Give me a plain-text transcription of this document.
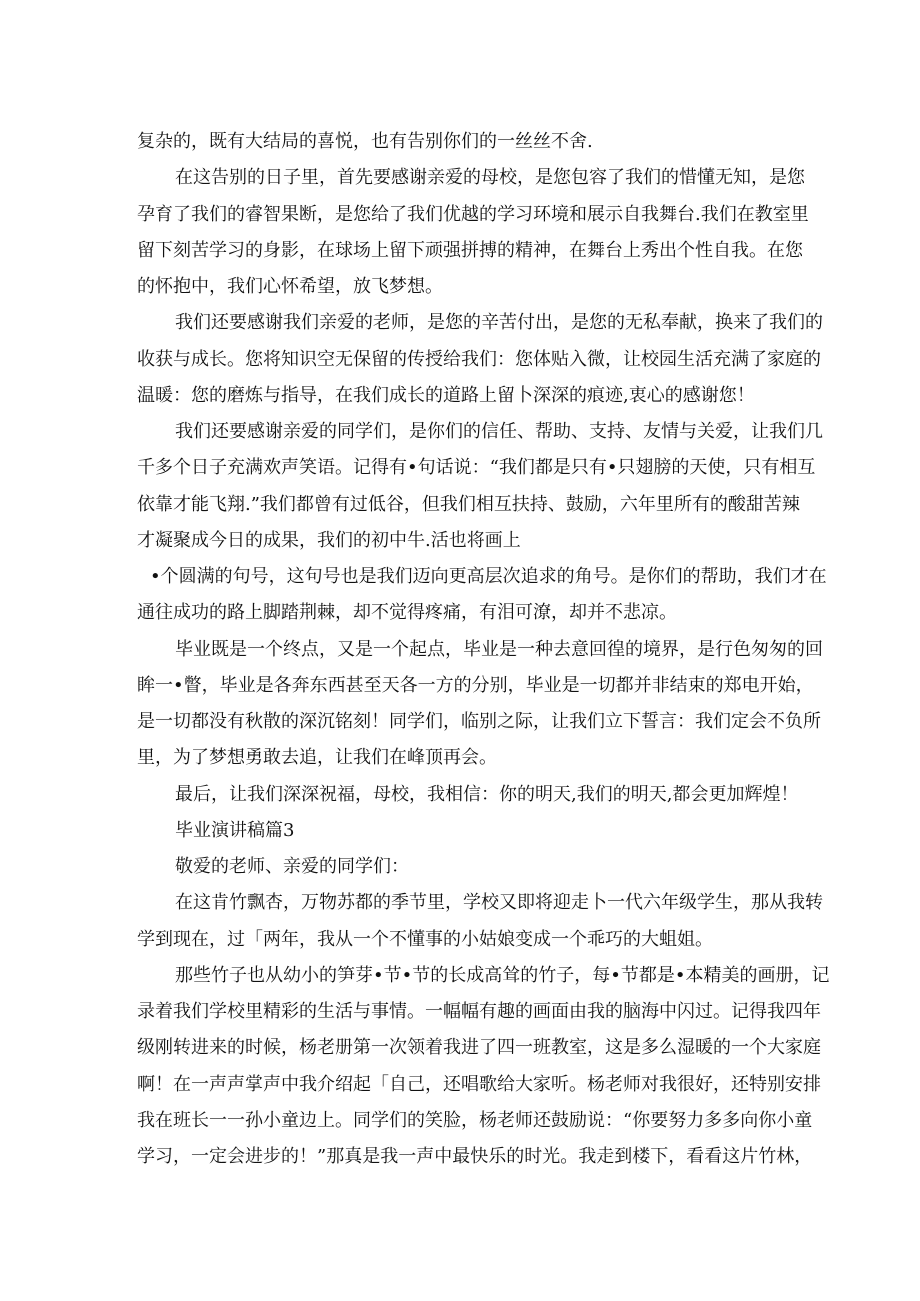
复杂的，既有大结局的喜悦，也有告别你们的一丝丝不舍.
在这告别的日子里，首先要感谢亲爱的母校，是您包容了我们的惜懂无知，是您
孕育了我们的睿智果断，是您给了我们优越的学习环境和展示自我舞台.我们在教室里
留下刻苦学习的身影，在球场上留下顽强拼搏的精神，在舞台上秀出个性自我。在您
的怀抱中，我们心怀希望，放飞梦想。
我们还要感谢我们亲爱的老师，是您的辛苦付出，是您的无私奉献，换来了我们的
收获与成长。您将知识空无保留的传授给我们：您体贴入微，让校园生活充满了家庭的
温暖：您的磨炼与指导，在我们成长的道路上留卜深深的痕迹,衷心的感谢您！
我们还要感谢亲爱的同学们，是你们的信任、帮助、支持、友情与关爱，让我们几
千多个日子充满欢声笑语。记得有•句话说：“我们都是只有•只翅膀的天使，只有相互
依靠才能飞翔.”我们都曾有过低谷，但我们相互扶持、鼓励，六年里所有的酸甜苦辣
才凝聚成今日的成果，我们的初中牛.活也将画上
•个圆满的句号，这句号也是我们迈向更高层次追求的角号。是你们的帮助，我们才在
通往成功的路上脚踏荆棘，却不觉得疼痛，有泪可潦，却并不悲凉。
毕业既是一个终点，又是一个起点，毕业是一种去意回徨的境界，是行色匆匆的回
眸一•瞥，毕业是各奔东西甚至天各一方的分别，毕业是一切都并非结束的郑电开始，
是一切都没有秋散的深沉铭刻！同学们，临别之际，让我们立下誓言：我们定会不负所
里，为了梦想勇敢去追，让我们在峰顶再会。
最后，让我们深深祝福，母校，我相信：你的明天,我们的明天,都会更加辉煌！
毕业演讲稿篇3
敬爱的老师、亲爱的同学们：
在这肯竹飘杏，万物苏都的季节里，学校又即将迎走卜一代六年级学生，那从我转
学到现在，过「两年，我从一个不懂事的小姑娘变成一个乖巧的大蛆姐。
那些竹子也从幼小的笋芽•节•节的长成高耸的竹子，每•节都是•本精美的画册，记
录着我们学校里精彩的生活与事情。一幅幅有趣的画面由我的脑海中闪过。记得我四年
级刚转进来的时候，杨老册第一次领着我进了四一班教室，这是多么湿暖的一个大家庭
啊！在一声声掌声中我介绍起「自己，还唱歌给大家听。杨老师对我很好，还特别安排
我在班长一一孙小童边上。同学们的笑脸，杨老师还鼓励说：“你要努力多多向你小童
学习，一定会进步的！”那真是我一声中最快乐的时光。我走到楼下，看看这片竹林，
